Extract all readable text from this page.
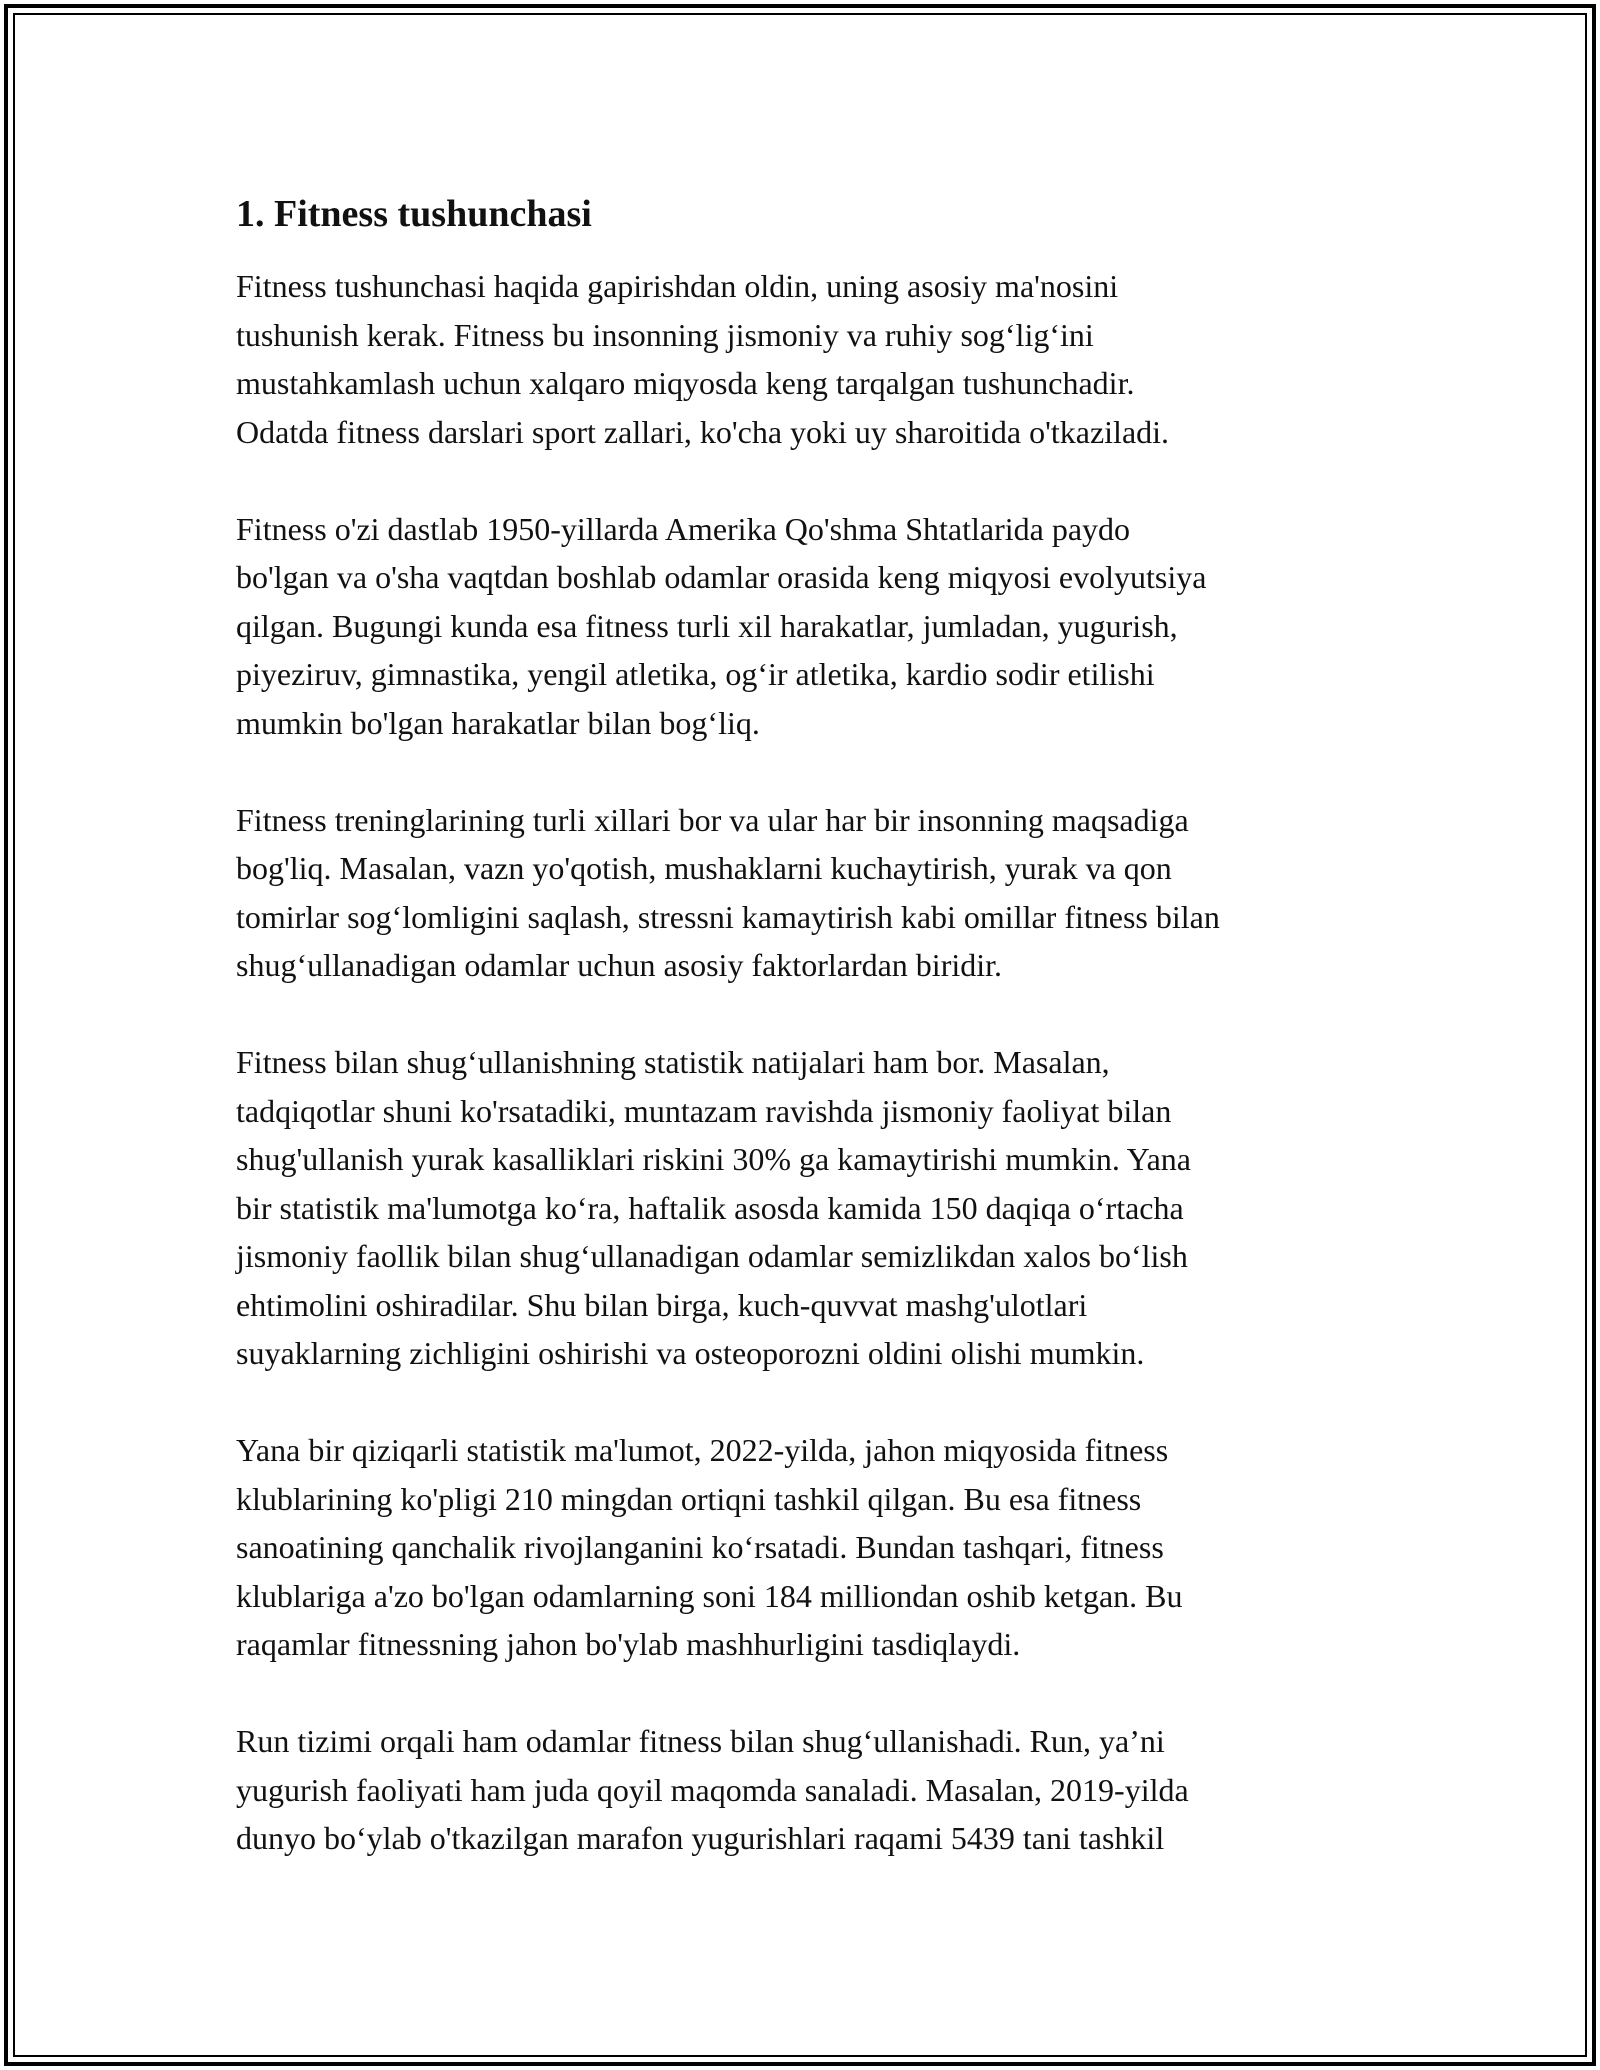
1. Fitness tushunchasi
Fitness tushunchasi haqida gapirishdan oldin, uning asosiy ma'nosini
tushunish kerak. Fitness bu insonning jismoniy va ruhiy sog‘lig‘ini
mustahkamlash uchun xalqaro miqyosda keng tarqalgan tushunchadir.
Odatda fitness darslari sport zallari, ko'cha yoki uy sharoitida o'tkaziladi.
Fitness o'zi dastlab 1950-yillarda Amerika Qo'shma Shtatlarida paydo
bo'lgan va o'sha vaqtdan boshlab odamlar orasida keng miqyosi evolyutsiya
qilgan. Bugungi kunda esa fitness turli xil harakatlar, jumladan, yugurish,
piyeziruv, gimnastika, yengil atletika, og‘ir atletika, kardio sodir etilishi
mumkin bo'lgan harakatlar bilan bog‘liq.
Fitness treninglarining turli xillari bor va ular har bir insonning maqsadiga
bog'liq. Masalan, vazn yo'qotish, mushaklarni kuchaytirish, yurak va qon
tomirlar sog‘lomligini saqlash, stressni kamaytirish kabi omillar fitness bilan
shug‘ullanadigan odamlar uchun asosiy faktorlardan biridir.
Fitness bilan shug‘ullanishning statistik natijalari ham bor. Masalan,
tadqiqotlar shuni ko'rsatadiki, muntazam ravishda jismoniy faoliyat bilan
shug'ullanish yurak kasalliklari riskini 30% ga kamaytirishi mumkin. Yana
bir statistik ma'lumotga ko‘ra, haftalik asosda kamida 150 daqiqa o‘rtacha
jismoniy faollik bilan shug‘ullanadigan odamlar semizlikdan xalos bo‘lish
ehtimolini oshiradilar. Shu bilan birga, kuch-quvvat mashg'ulotlari
suyaklarning zichligini oshirishi va osteoporozni oldini olishi mumkin.
Yana bir qiziqarli statistik ma'lumot, 2022-yilda, jahon miqyosida fitness
klublarining ko'pligi 210 mingdan ortiqni tashkil qilgan. Bu esa fitness
sanoatining qanchalik rivojlanganini ko‘rsatadi. Bundan tashqari, fitness
klublariga a'zo bo'lgan odamlarning soni 184 milliondan oshib ketgan. Bu
raqamlar fitnessning jahon bo'ylab mashhurligini tasdiqlaydi.
Run tizimi orqali ham odamlar fitness bilan shug‘ullanishadi. Run, ya’ni
yugurish faoliyati ham juda qoyil maqomda sanaladi. Masalan, 2019-yilda
dunyo bo‘ylab o'tkazilgan marafon yugurishlari raqami 5439 tani tashkil
